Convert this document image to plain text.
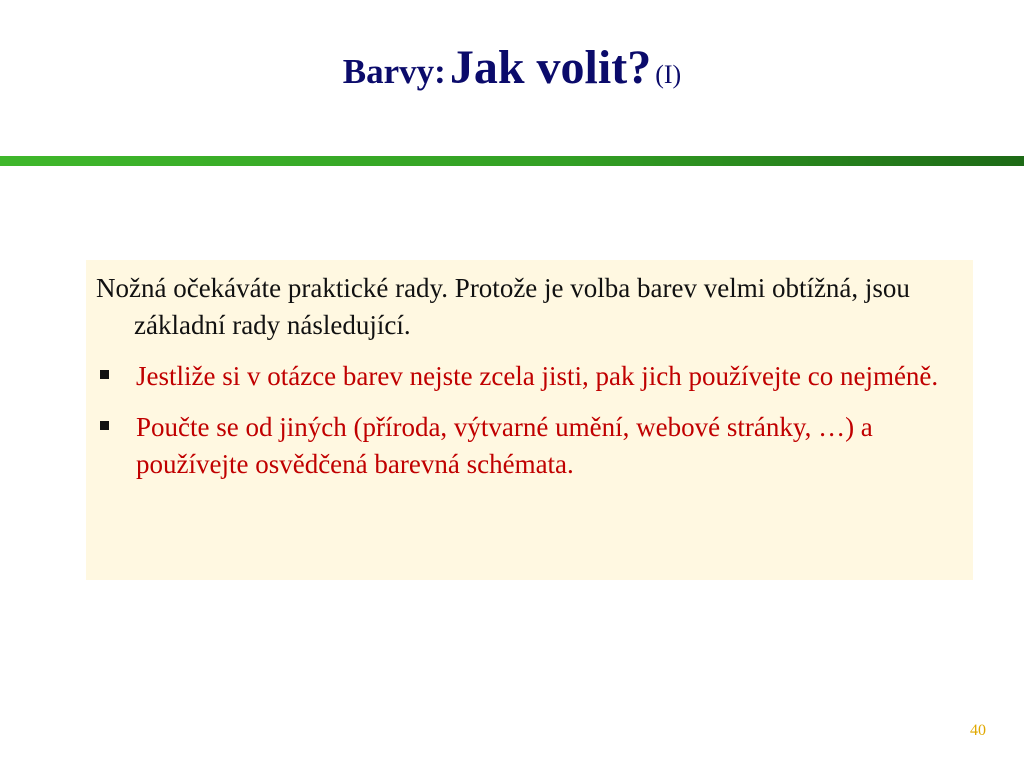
Barvy: Jak volit? (I)

Nožná očekáváte praktické rady. Protože je volba barev velmi obtížná, jsou základní rady následující.

Jestliže si v otázce barev nejste zcela jisti, pak jich používejte co nejméně.
Poučte se od jiných (příroda, výtvarné umění, webové stránky, …) a používejte osvědčená barevná schémata.
40
